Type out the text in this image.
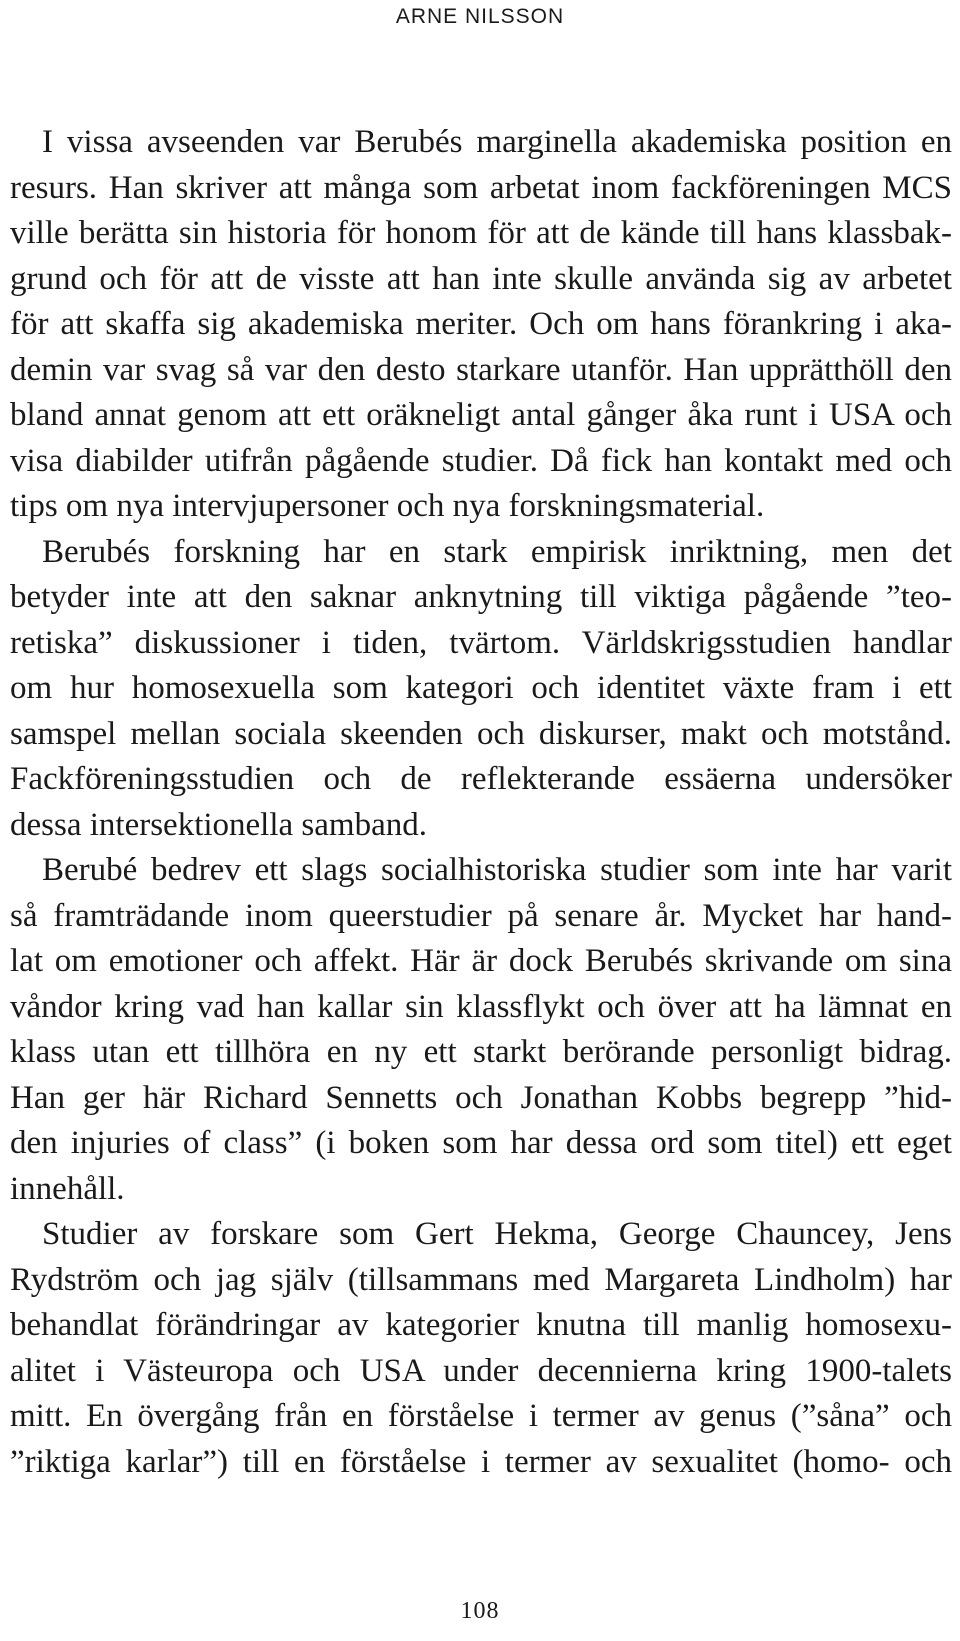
ARNE NILSSON
I vissa avseenden var Berubés marginella akademiska position en
resurs. Han skriver att många som arbetat inom fackföreningen MCS
ville berätta sin historia för honom för att de kände till hans klassbak-
grund och för att de visste att han inte skulle använda sig av arbetet
för att skaffa sig akademiska meriter. Och om hans förankring i aka-
demin var svag så var den desto starkare utanför. Han upprätthöll den
bland annat genom att ett oräkneligt antal gånger åka runt i USA och
visa diabilder utifrån pågående studier. Då fick han kontakt med och
tips om nya intervjupersoner och nya forskningsmaterial.
Berubés forskning har en stark empirisk inriktning, men det
betyder inte att den saknar anknytning till viktiga pågående ”teo-
retiska” diskussioner i tiden, tvärtom. Världskrigsstudien handlar
om hur homosexuella som kategori och identitet växte fram i ett
samspel mellan sociala skeenden och diskurser, makt och motstånd.
Fackföreningsstudien och de reflekterande essäerna undersöker
dessa intersektionella samband.
Berubé bedrev ett slags socialhistoriska studier som inte har varit
så framträdande inom queerstudier på senare år. Mycket har hand-
lat om emotioner och affekt. Här är dock Berubés skrivande om sina
våndor kring vad han kallar sin klassflykt och över att ha lämnat en
klass utan ett tillhöra en ny ett starkt berörande personligt bidrag.
Han ger här Richard Sennetts och Jonathan Kobbs begrepp ”hid-
den injuries of class” (i boken som har dessa ord som titel) ett eget
innehåll.
Studier av forskare som Gert Hekma, George Chauncey, Jens
Rydström och jag själv (tillsammans med Margareta Lindholm) har
behandlat förändringar av kategorier knutna till manlig homosexu-
alitet i Västeuropa och USA under decennierna kring 1900-talets
mitt. En övergång från en förståelse i termer av genus (”såna” och
”riktiga karlar”) till en förståelse i termer av sexualitet (homo- och
108
